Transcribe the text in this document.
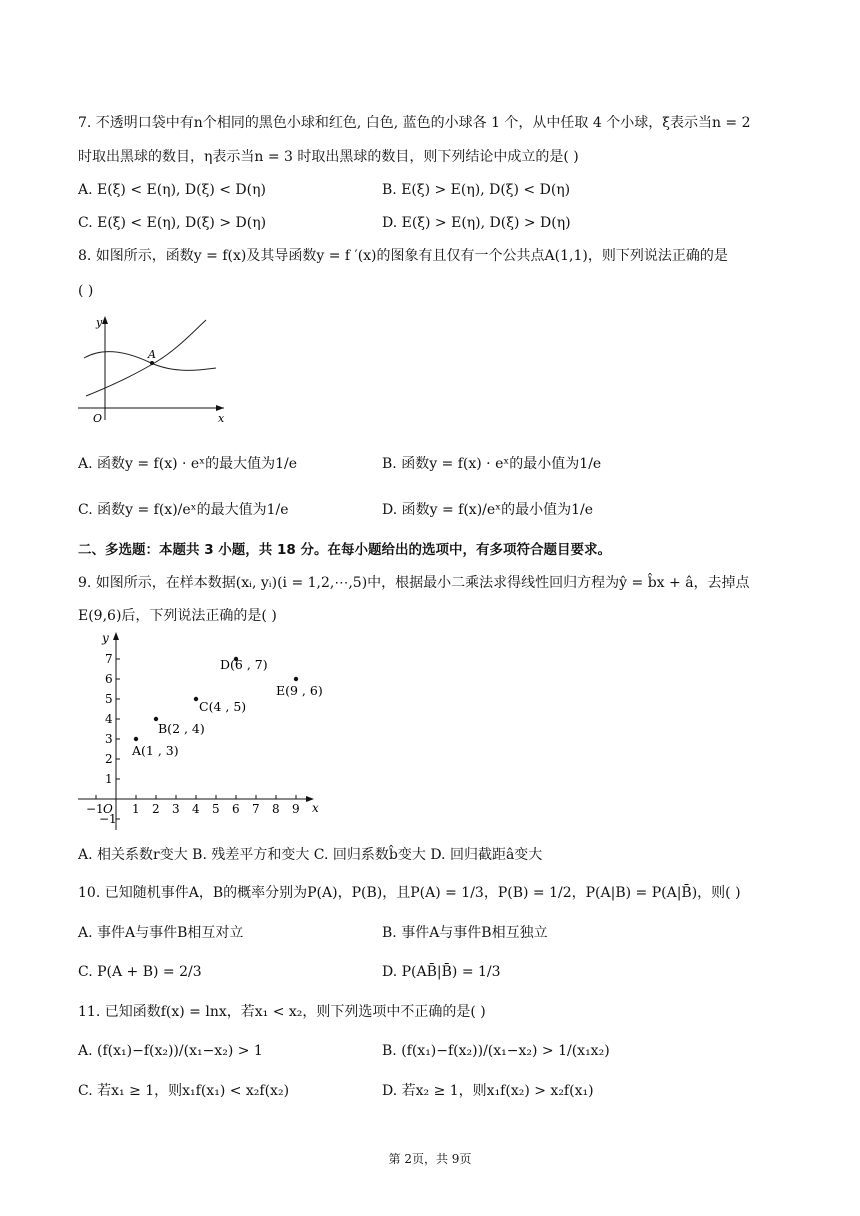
7. 不透明口袋中有n个相同的黑色小球和红色, 白色, 蓝色的小球各 1 个，从中任取 4 个小球，ξ表示当n = 2
时取出黑球的数目，η表示当n = 3 时取出黑球的数目，则下列结论中成立的是( )
A. E(ξ) < E(η), D(ξ) < D(η)	B. E(ξ) > E(η), D(ξ) < D(η)
C. E(ξ) < E(η), D(ξ) > D(η)	D. E(ξ) > E(η), D(ξ) > D(η)
8. 如图所示，函数y = f(x)及其导函数y = f ′(x)的图象有且仅有一个公共点A(1,1)，则下列说法正确的是
( )
y
x
O
A
A. 函数y = f(x) · eˣ的最大值为1/e	B. 函数y = f(x) · eˣ的最小值为1/e
C. 函数y = f(x)/eˣ的最大值为1/e	D. 函数y = f(x)/eˣ的最小值为1/e
二、多选题：本题共 3 小题，共 18 分。在每小题给出的选项中，有多项符合题目要求。
9. 如图所示，在样本数据(xᵢ, yᵢ)(i = 1,2,⋯,5)中，根据最小二乘法求得线性回归方程为ŷ = b̂x + â，去掉点
E(9,6)后，下列说法正确的是( )
x
y
O
−1 1 2 3 4 5 6 7 8 9
−1
1
2
3
4
5
6
7
A(1 , 3)
B(2 , 4)
C(4 , 5)
D(6 , 7)
E(9 , 6)
A. 相关系数r变大 B. 残差平方和变大 C. 回归系数b̂变大 D. 回归截距â变大
10. 已知随机事件A，B的概率分别为P(A)，P(B)，且P(A) = 1/3，P(B) = 1/2，P(A|B) = P(A|B̄)，则( )
A. 事件A与事件B相互对立	B. 事件A与事件B相互独立
C. P(A + B) = 2/3	D. P(AB̄|B̄) = 1/3
11. 已知函数f(x) = lnx，若x₁ < x₂，则下列选项中不正确的是( )
A. (f(x₁)−f(x₂))/(x₁−x₂) > 1	B. (f(x₁)−f(x₂))/(x₁−x₂) > 1/(x₁x₂)
C. 若x₁ ≥ 1，则x₁f(x₁) < x₂f(x₂)	D. 若x₂ ≥ 1，则x₁f(x₂) > x₂f(x₁)
第 2页，共 9页
